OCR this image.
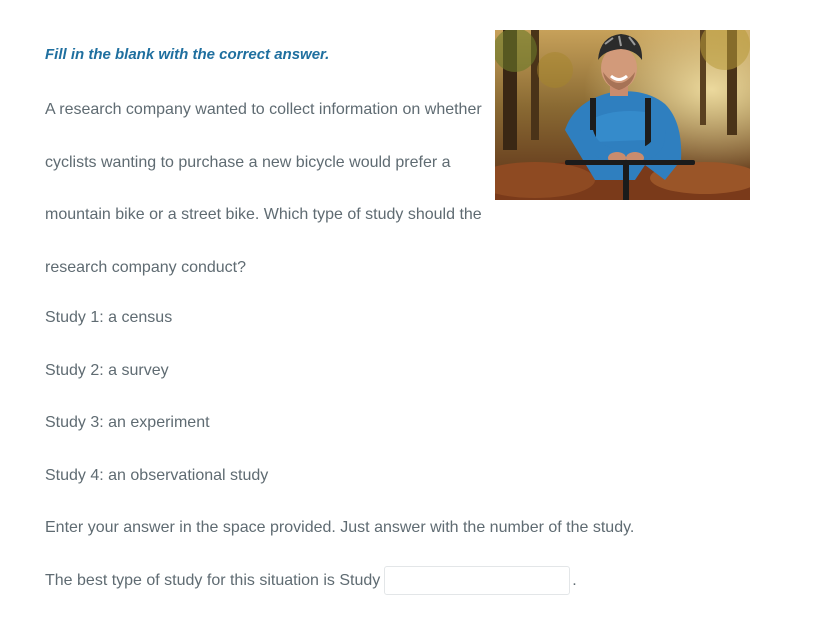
Fill in the blank with the correct answer.

A research company wanted to collect information on whether cyclists wanting to purchase a new bicycle would prefer a mountain bike or a street bike. Which type of study should the research company conduct?

Study 1: a census

Study 2: a survey

Study 3: an experiment

Study 4: an observational study

Enter your answer in the space provided. Just answer with the number of the study.

The best type of study for this situation is Study	.
